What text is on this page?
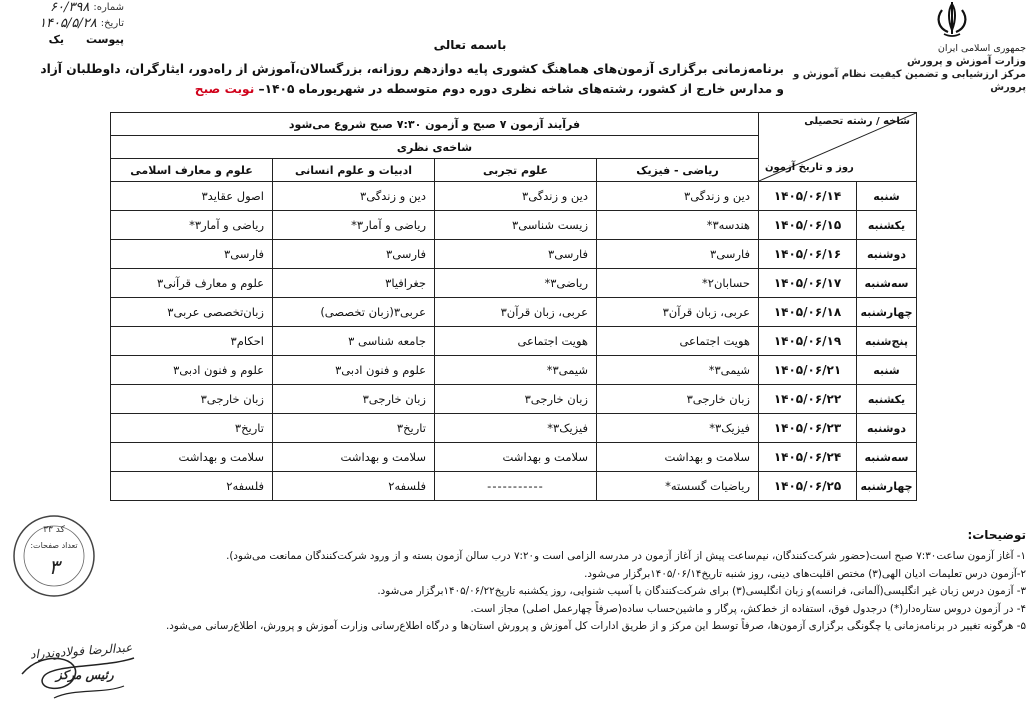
شماره:
۶۰/۳۹۸
تاریخ:
۱۴۰۵/۵/۲۸
پیوست
یک
جمهوری اسلامی ایران
وزارت آموزش و پرورش
مرکز ارزشیابی و تضمین کیفیت نظام آموزش و پرورش
باسمه تعالی
برنامه‌زمانی برگزاری آزمون‌های هماهنگ کشوری پایه دوازدهم روزانه، بزرگسالان،آموزش از راه‌دور، ایثارگران، داوطلبان آزاد
و مدارس خارج از کشور، رشته‌های شاخه نظری دوره دوم متوسطه در شهریورماه ۱۴۰۵– نوبت صبح
شاخه / رشته تحصیلی
روز و تاریخ آزمون		فرآیند آزمون ۷ صبح و آزمون ۷:۳۰ صبح شروع می‌شود			
		شاخه‌ی نظری			
		ریاضی - فیزیک	علوم تجربی	ادبیات و علوم انسانی	علوم و معارف اسلامی
شنبه	۱۴۰۵/۰۶/۱۴	دین و زندگی۳	دین و زندگی۳	دین و زندگی۳	اصول عقاید۳
یکشنبه	۱۴۰۵/۰۶/۱۵	هندسه۳*	زیست شناسی۳	ریاضی و آمار۳*	ریاضی و آمار۳*
دوشنبه	۱۴۰۵/۰۶/۱۶	فارسی۳	فارسی۳	فارسی۳	فارسی۳
سه‌شنبه	۱۴۰۵/۰۶/۱۷	حسابان۲*	ریاضی۳*	جغرافیا۳	علوم و معارف قرآنی۳
چهارشنبه	۱۴۰۵/۰۶/۱۸	عربی، زبان قرآن۳	عربی، زبان قرآن۳	عربی۳(زبان تخصصی)	زبان‌تخصصی عربی۳
پنج‌شنبه	۱۴۰۵/۰۶/۱۹	هویت اجتماعی	هویت اجتماعی	جامعه شناسی ۳	احکام۳
شنبه	۱۴۰۵/۰۶/۲۱	شیمی۳*	شیمی۳*	علوم و فنون ادبی۳	علوم و فنون ادبی۳
یکشنبه	۱۴۰۵/۰۶/۲۲	زبان خارجی۳	زبان خارجی۳	زبان خارجی۳	زبان خارجی۳
دوشنبه	۱۴۰۵/۰۶/۲۳	فیزیک۳*	فیزیک۳*	تاریخ۳	تاریخ۳
سه‌شنبه	۱۴۰۵/۰۶/۲۴	سلامت و بهداشت	سلامت و بهداشت	سلامت و بهداشت	سلامت و بهداشت
چهارشنبه	۱۴۰۵/۰۶/۲۵	ریاضیات گسسته*	-----------	فلسفه۲	فلسفه۲
توضیحات:
۱- آغاز آزمون ساعت۷:۳۰ صبح است(حضور شرکت‌کنندگان، نیم‌ساعت پیش از آغاز آزمون در مدرسه الزامی است و۷:۲۰ درب سالن آزمون بسته و از ورود شرکت‌کنندگان ممانعت می‌شود).
۲-آزمون درس تعلیمات ادیان الهی(۳) مختص اقلیت‌های دینی، روز شنبه تاریخ۱۴۰۵/۰۶/۱۴برگزار می‌شود.
۳- آزمون درس زبان غیر انگلیسی(آلمانی، فرانسه)و زبان انگلیسی(۳) برای شرکت‌کنندگان با آسیب شنوایی، روز یکشنبه تاریخ۱۴۰۵/۰۶/۲۲برگزار می‌شود.
۴- در آزمون دروس ستاره‌دار(*) درجدول فوق، استفاده از خط‌کش، پرگار و ماشین‌حساب ساده(صرفاً چهارعمل اصلی) مجاز است.
۵- هرگونه تغییر در برنامه‌زمانی یا چگونگی برگزاری آزمون‌ها، صرفاً توسط این مرکز و از طریق ادارات کل آموزش و پرورش استان‌ها و درگاه اطلاع‌رسانی وزارت آموزش و پرورش، اطلاع‌رسانی می‌شود.
کد ۳۳
تعداد صفحات:
۳
عبدالرضا فولادوندراد
رئیس مرکز
